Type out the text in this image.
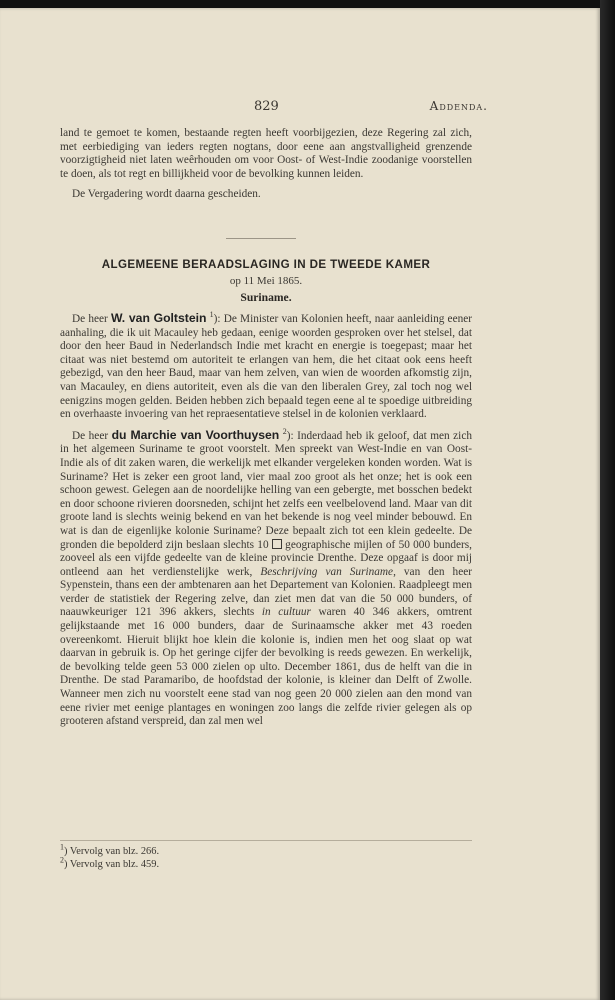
829	Addenda.

land te gemoet te komen, bestaande regten heeft voorbijgezien, deze Regering zal zich, met eerbiediging van ieders regten nogtans, door eene aan angstvalligheid grenzende voorzigtigheid niet laten weêrhouden om voor Oost- of West-Indie zoodanige voorstellen te doen, als tot regt en billijkheid voor de bevolking kunnen leiden.

De Vergadering wordt daarna gescheiden.

ALGEMEENE BERAADSLAGING IN DE TWEEDE KAMER
op 11 Mei 1865.
Suriname.

De heer W. van Goltstein $^1$): De Minister van Kolonien heeft, naar aanleiding eener aanhaling, die ik uit Macauley heb gedaan, eenige woorden gesproken over het stelsel, dat door den heer Baud in Nederlandsch Indie met kracht en energie is toegepast; maar het citaat was niet bestemd om autoriteit te erlangen van hem, die het citaat ook eens heeft gebezigd, van den heer Baud, maar van hem zelven, van wien de woorden afkomstig zijn, van Macauley, en diens autoriteit, even als die van den liberalen Grey, zal toch nog wel eenigzins mogen gelden. Beiden hebben zich bepaald tegen eene al te spoedige uitbreiding en overhaaste invoering van het repraesentatieve stelsel in de kolonien verklaard.

De heer du Marchie van Voorthuysen $^2$): Inderdaad heb ik geloof, dat men zich in het algemeen Suriname te groot voorstelt. Men spreekt van West-Indie en van Oost-Indie als of dit zaken waren, die werkelijk met elkander vergeleken konden worden. Wat is Suriname? Het is zeker een groot land, vier maal zoo groot als het onze; het is ook een schoon gewest. Gelegen aan de noordelijke helling van een gebergte, met bosschen bedekt en door schoone rivieren doorsneden, schijnt het zelfs een veelbelovend land. Maar van dit groote land is slechts weinig bekend en van het bekende is nog veel minder bebouwd. En wat is dan de eigenlijke kolonie Suriname? Deze bepaalt zich tot een klein gedeelte. De gronden die bepolderd zijn beslaan slechts 10  geographische mijlen of 50 000 bunders, zooveel als een vijfde gedeelte van de kleine provincie Drenthe. Deze opgaaf is door mij ontleend aan het verdienstelijke werk, Beschrijving van Suriname, van den heer Sypenstein, thans een der ambtenaren aan het Departement van Kolonien. Raadpleegt men verder de statistiek der Regering zelve, dan ziet men dat van die 50 000 bunders, of naauwkeuriger 121 396 akkers, slechts in cultuur waren 40 346 akkers, omtrent gelijkstaande met 16 000 bunders, daar de Surinaamsche akker met 43 roeden overeenkomt. Hieruit blijkt hoe klein die kolonie is, indien men het oog slaat op wat daarvan in gebruik is. Op het geringe cijfer der bevolking is reeds gewezen. En werkelijk, de bevolking telde geen 53 000 zielen op ulto. December 1861, dus de helft van die in Drenthe. De stad Paramaribo, de hoofdstad der kolonie, is kleiner dan Delft of Zwolle. Wanneer men zich nu voorstelt eene stad van nog geen 20 000 zielen aan den mond van eene rivier met eenige plantages en woningen zoo langs die zelfde rivier gelegen als op grooteren afstand verspreid, dan zal men wel

$^1$) Vervolg van blz. 266.
$^2$) Vervolg van blz. 459.
